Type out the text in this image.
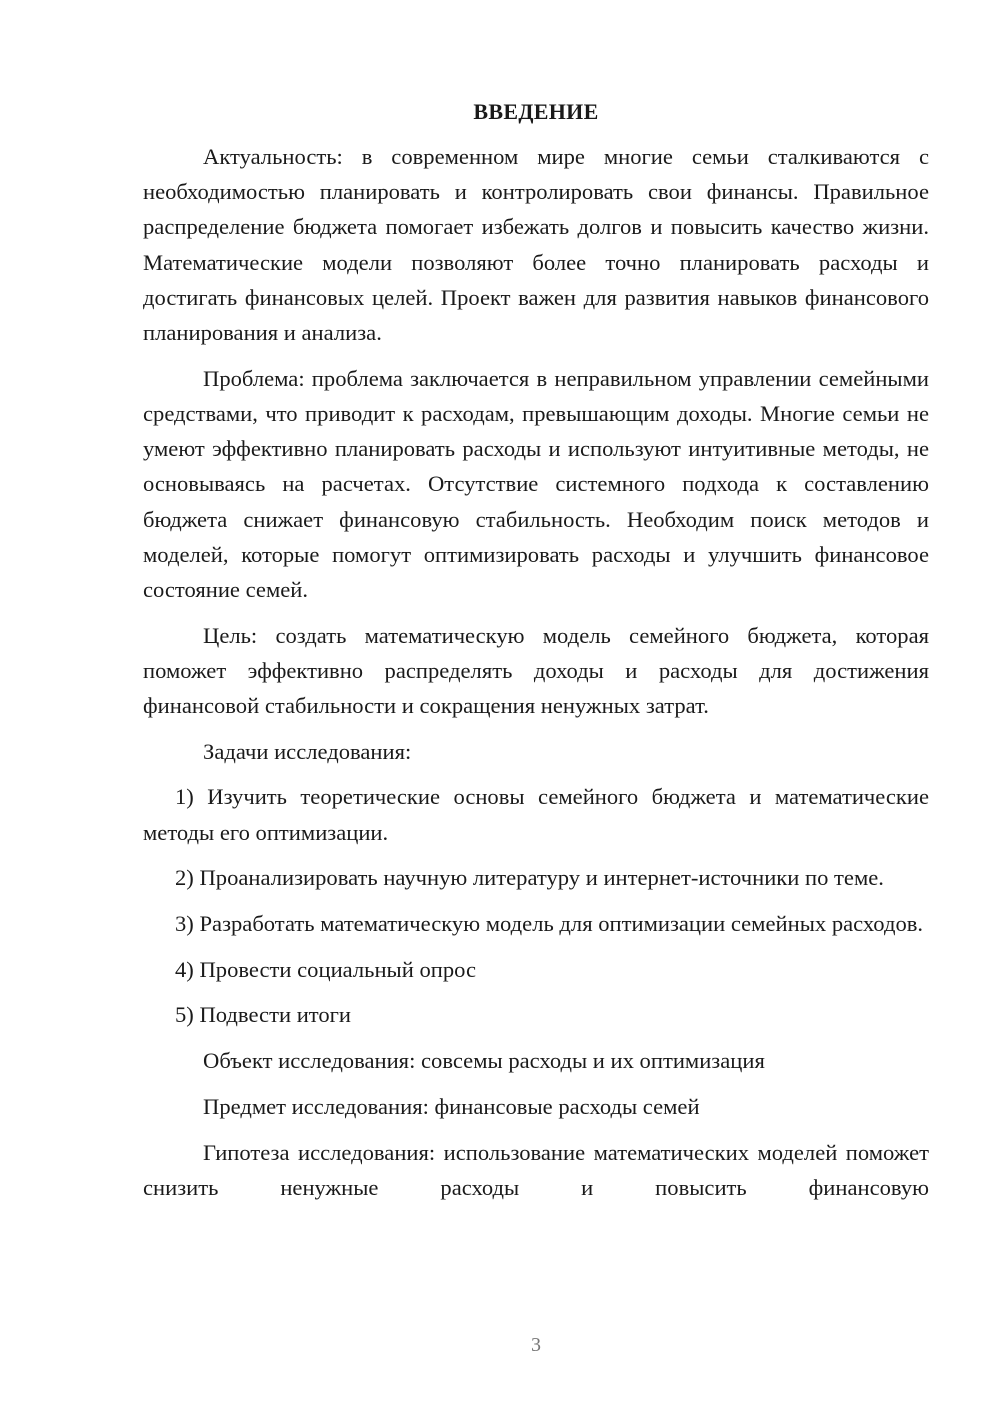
ВВЕДЕНИЕ

Актуальность: в современном мире многие семьи сталкиваются с необходимостью планировать и контролировать свои финансы. Правильное распределение бюджета помогает избежать долгов и повысить качество жизни. Математические модели позволяют более точно планировать расходы и достигать финансовых целей. Проект важен для развития навыков финансового планирования и анализа.

Проблема: проблема заключается в неправильном управлении семейными средствами, что приводит к расходам, превышающим доходы. Многие семьи не умеют эффективно планировать расходы и используют интуитивные методы, не основываясь на расчетах. Отсутствие системного подхода к составлению бюджета снижает финансовую стабильность. Необходим поиск методов и моделей, которые помогут оптимизировать расходы и улучшить финансовое состояние семей.

Цель: создать математическую модель семейного бюджета, которая поможет эффективно распределять доходы и расходы для достижения финансовой стабильности и сокращения ненужных затрат.

Задачи исследования:

1) Изучить теоретические основы семейного бюджета и математические методы его оптимизации.

2) Проанализировать научную литературу и интернет-источники по теме.

3) Разработать математическую модель для оптимизации семейных расходов.

4) Провести социальный опрос

5) Подвести итоги

Объект исследования: совсемы расходы и их оптимизация

Предмет исследования: финансовые расходы семей

Гипотеза исследования: использование математических моделей поможет снизить ненужные расходы и повысить финансовую

3
